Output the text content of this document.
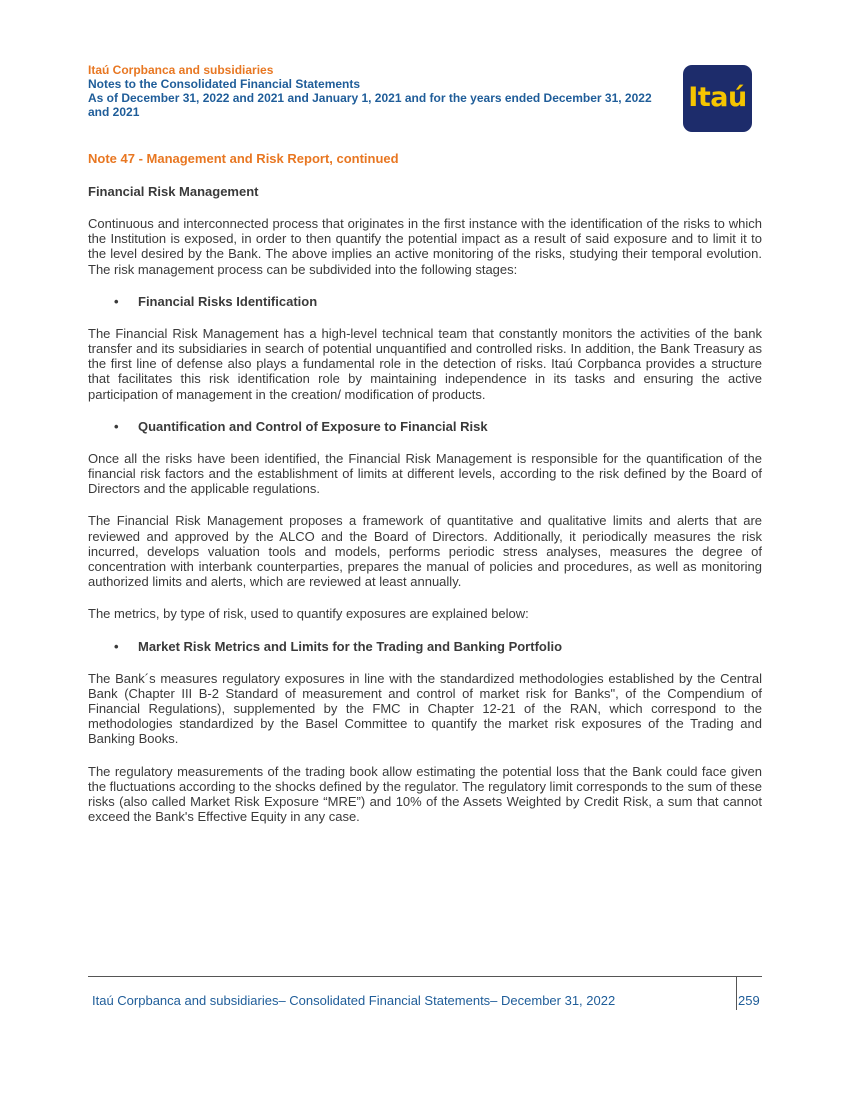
Itaú Corpbanca and subsidiaries
Notes to the Consolidated Financial Statements
As of December 31, 2022 and 2021 and January 1, 2021 and for the years ended December 31, 2022
and 2021	Itaú
Note 47 - Management and Risk Report, continued
Financial Risk Management

Continuous and interconnected process that originates in the first instance with the identification of the risks to which the Institution is exposed, in order to then quantify the potential impact as a result of said exposure and to limit it to the level desired by the Bank. The above implies an active monitoring of the risks, studying their temporal evolution. The risk management process can be subdivided into the following stages:

• Financial Risks Identification

The Financial Risk Management has a high-level technical team that constantly monitors the activities of the bank transfer and its subsidiaries in search of potential unquantified and controlled risks. In addition, the Bank Treasury as the first line of defense also plays a fundamental role in the detection of risks. Itaú Corpbanca provides a structure that facilitates this risk identification role by maintaining independence in its tasks and ensuring the active participation of management in the creation/ modification of products.

• Quantification and Control of Exposure to Financial Risk

Once all the risks have been identified, the Financial Risk Management is responsible for the quantification of the financial risk factors and the establishment of limits at different levels, according to the risk defined by the Board of Directors and the applicable regulations.

The Financial Risk Management proposes a framework of quantitative and qualitative limits and alerts that are reviewed and approved by the ALCO and the Board of Directors. Additionally, it periodically measures the risk incurred, develops valuation tools and models, performs periodic stress analyses, measures the degree of concentration with interbank counterparties, prepares the manual of policies and procedures, as well as monitoring authorized limits and alerts, which are reviewed at least annually.

The metrics, by type of risk, used to quantify exposures are explained below:

• Market Risk Metrics and Limits for the Trading and Banking Portfolio

The Bank´s measures regulatory exposures in line with the standardized methodologies established by the Central Bank (Chapter III B-2 Standard of measurement and control of market risk for Banks", of the Compendium of Financial Regulations), supplemented by the FMC in Chapter 12-21 of the RAN, which correspond to the methodologies standardized by the Basel Committee to quantify the market risk exposures of the Trading and Banking Books.

The regulatory measurements of the trading book allow estimating the potential loss that the Bank could face given the fluctuations according to the shocks defined by the regulator. The regulatory limit corresponds to the sum of these risks (also called Market Risk Exposure “MRE”) and 10% of the Assets Weighted by Credit Risk, a sum that cannot exceed the Bank's Effective Equity in any case.

Itaú Corpbanca and subsidiaries– Consolidated Financial Statements– December 31, 2022	259
